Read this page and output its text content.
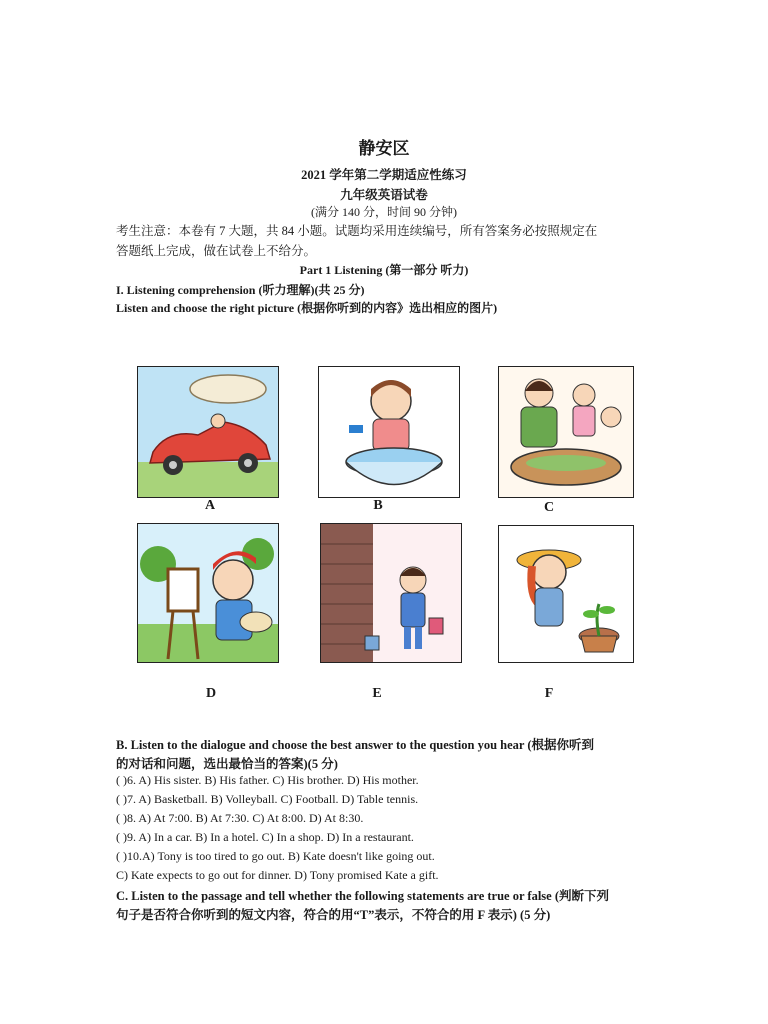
静安区
2021 学年第二学期适应性练习
九年级英语试卷
(满分 140 分，时间 90 分钟)
考生注意：本卷有 7 大题，共 84 小题。试题均采用连续编号，所有答案务必按照规定在
答题纸上完成，做在试卷上不给分。
Part 1 Listening (第一部分 听力)
I. Listening comprehension (听力理解)(共 25 分)
Listen and choose the right picture (根据你听到的内容》选出相应的图片)
A	B	C
D	E	F
B. Listen to the dialogue and choose the best answer to the question you hear (根据你听到
的对话和问题，选出最恰当的答案)(5 分)
( )6. A) His sister. B) His father. C) His brother. D) His mother.
( )7. A) Basketball. B) Volleyball. C) Football. D) Table tennis.
( )8. A) At 7:00. B) At 7:30. C) At 8:00. D) At 8:30.
( )9. A) In a car. B) In a hotel. C) In a shop. D) In a restaurant.
( )10.A) Tony is too tired to go out. B) Kate doesn't like going out.
C) Kate expects to go out for dinner. D) Tony promised Kate a gift.
C. Listen to the passage and tell whether the following statements are true or false (判断下列
句子是否符合你听到的短文内容，符合的用“T”表示，不符合的用 F 表示) (5 分)
